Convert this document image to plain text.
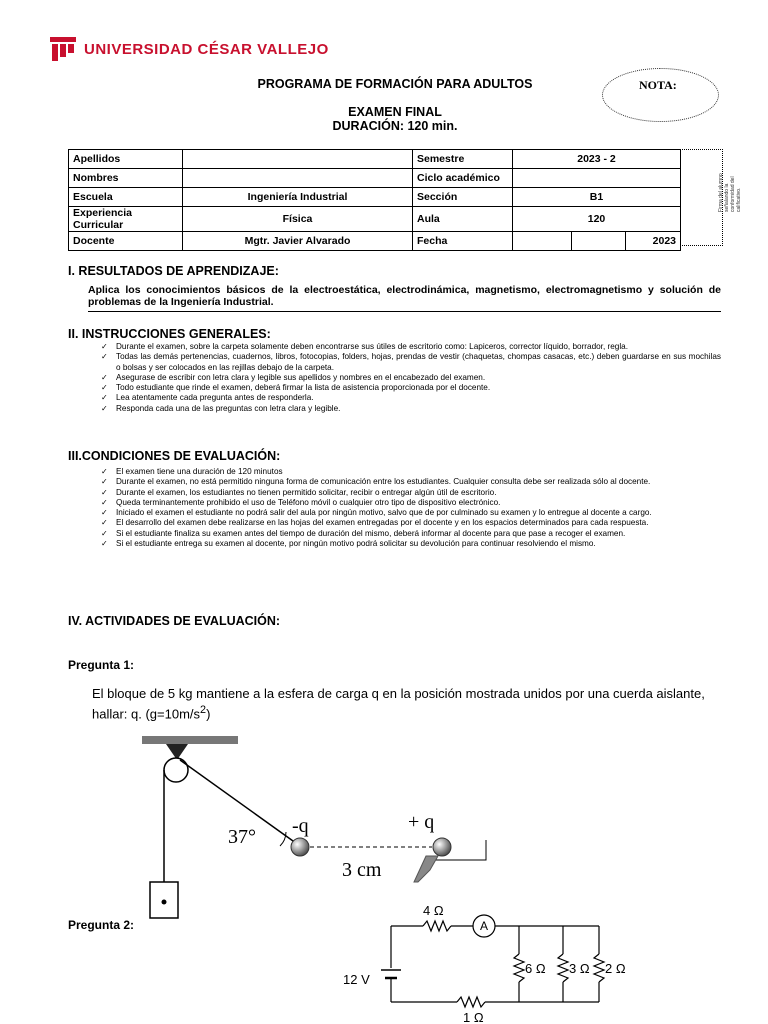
UNIVERSIDAD CÉSAR VALLEJO
PROGRAMA DE FORMACIÓN PARA ADULTOS
EXAMEN FINAL
DURACIÓN: 120 min.
NOTA:
Apellidos		Semestre	2023 - 2		
Nombres		Ciclo académico			
Escuela	Ingeniería Industrial	Sección	B1		
Experiencia Curricular	Física	Aula	120		
Docente	Mgtr. Javier Alvarado	Fecha			2023
Firma del alumno señalando la conformidad del calificativo.
I. RESULTADOS DE APRENDIZAJE:
Aplica los conocimientos básicos de la electroestática, electrodinámica, magnetismo, electromagnetismo y solución de problemas de la Ingeniería Industrial.
II. INSTRUCCIONES GENERALES:
✓ Durante el examen, sobre la carpeta solamente deben encontrarse sus útiles de escritorio como: Lapiceros, corrector líquido, borrador, regla.
✓ Todas las demás pertenencias, cuadernos, libros, fotocopias, folders, hojas, prendas de vestir (chaquetas, chompas casacas, etc.) deben guardarse en sus mochilas o bolsas y ser colocados en las rejillas debajo de la carpeta.
✓ Asegurase de escribir con letra clara y legible sus apellidos y nombres en el encabezado del examen.
✓ Todo estudiante que rinde el examen, deberá firmar la lista de asistencia proporcionada por el docente.
✓ Lea atentamente cada pregunta antes de responderla.
✓ Responda cada una de las preguntas con letra clara y legible.
III.CONDICIONES DE EVALUACIÓN:
✓ El examen tiene una duración de 120 minutos
✓ Durante el examen, no está permitido ninguna forma de comunicación entre los estudiantes. Cualquier consulta debe ser realizada sólo al docente.
✓ Durante el examen, los estudiantes no tienen permitido solicitar, recibir o entregar algún útil de escritorio.
✓ Queda terminantemente prohibido el uso de Teléfono móvil o cualquier otro tipo de dispositivo electrónico.
✓ Iniciado el examen el estudiante no podrá salir del aula por ningún motivo, salvo que de por culminado su examen y lo entregue al docente a cargo.
✓ El desarrollo del examen debe realizarse en las hojas del examen entregadas por el docente y en los espacios determinados para cada respuesta.
✓ Si el estudiante finaliza su examen antes del tiempo de duración del mismo, deberá informar al docente para que pase a recoger el examen.
✓ Si el estudiante entrega su examen al docente, por ningún motivo podrá solicitar su devolución para continuar resolviendo el mismo.
IV. ACTIVIDADES DE EVALUACIÓN:
Pregunta 1:
El bloque de 5 kg mantiene a la esfera de carga q en la posición mostrada unidos por una cuerda aislante, hallar: q. $(g=10m/s^2)$
37° -q
3 cm
+ q
Pregunta 2:	A
4 Ω
6 Ω 3 Ω 2 Ω
12 V
1 Ω
